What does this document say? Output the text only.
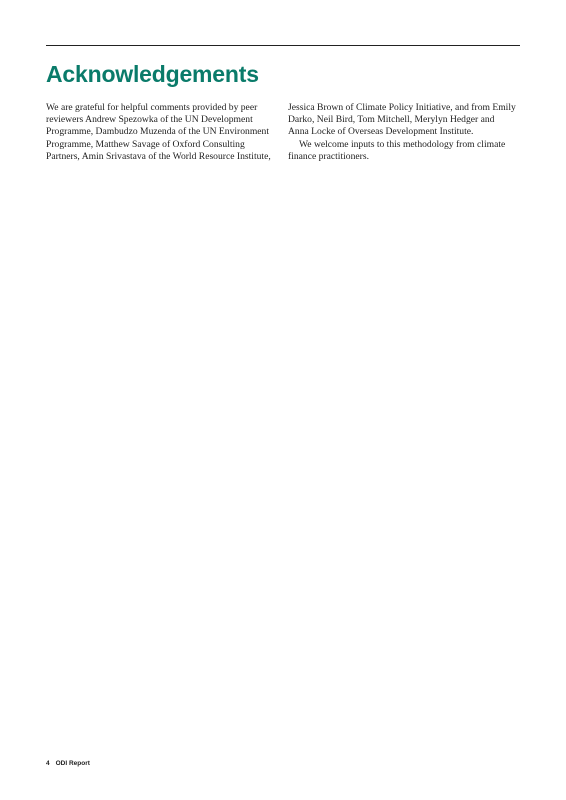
Acknowledgements

We are grateful for helpful comments provided by peer
reviewers Andrew Spezowka of the UN Development
Programme, Dambudzo Muzenda of the UN Environment
Programme, Matthew Savage of Oxford Consulting
Partners, Amin Srivastava of the World Resource Institute,

Jessica Brown of Climate Policy Initiative, and from Emily
Darko, Neil Bird, Tom Mitchell, Merylyn Hedger and
Anna Locke of Overseas Development Institute.

We welcome inputs to this methodology from climate
finance practitioners.

4 ODI Report
